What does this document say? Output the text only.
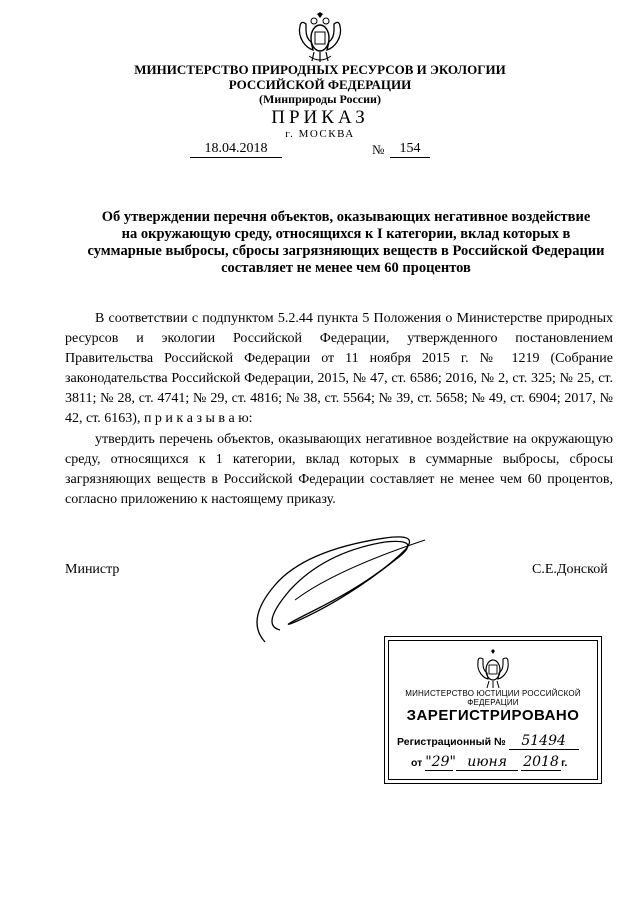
МИНИСТЕРСТВО ПРИРОДНЫХ РЕСУРСОВ И ЭКОЛОГИИ
РОССИЙСКОЙ ФЕДЕРАЦИИ
(Минприроды России)
ПРИКАЗ
г. МОСКВА
18.04.2018	№	154
Об утверждении перечня объектов, оказывающих негативное воздействие
на окружающую среду, относящихся к I категории, вклад которых в
суммарные выбросы, сбросы загрязняющих веществ в Российской Федерации
составляет не менее чем 60 процентов
В соответствии с подпунктом 5.2.44 пункта 5 Положения о Министерстве природных ресурсов и экологии Российской Федерации, утвержденного постановлением Правительства Российской Федерации от 11 ноября 2015 г. № 1219 (Собрание законодательства Российской Федерации, 2015, № 47, ст. 6586; 2016, № 2, ст. 325; № 25, ст. 3811; № 28, ст. 4741; № 29, ст. 4816; № 38, ст. 5564; № 39, ст. 5658; № 49, ст. 6904; 2017, № 42, ст. 6163), п р и к а з ы в а ю:
утвердить перечень объектов, оказывающих негативное воздействие на окружающую среду, относящихся к 1 категории, вклад которых в суммарные выбросы, сбросы загрязняющих веществ в Российской Федерации составляет не менее чем 60 процентов, согласно приложению к настоящему приказу.
Министр	С.Е.Донской
МИНИСТЕРСТВО ЮСТИЦИИ РОССИЙСКОЙ ФЕДЕРАЦИИ
ЗАРЕГИСТРИРОВАНО
Регистрационный № 51494
от "29" июня 2018 г.
